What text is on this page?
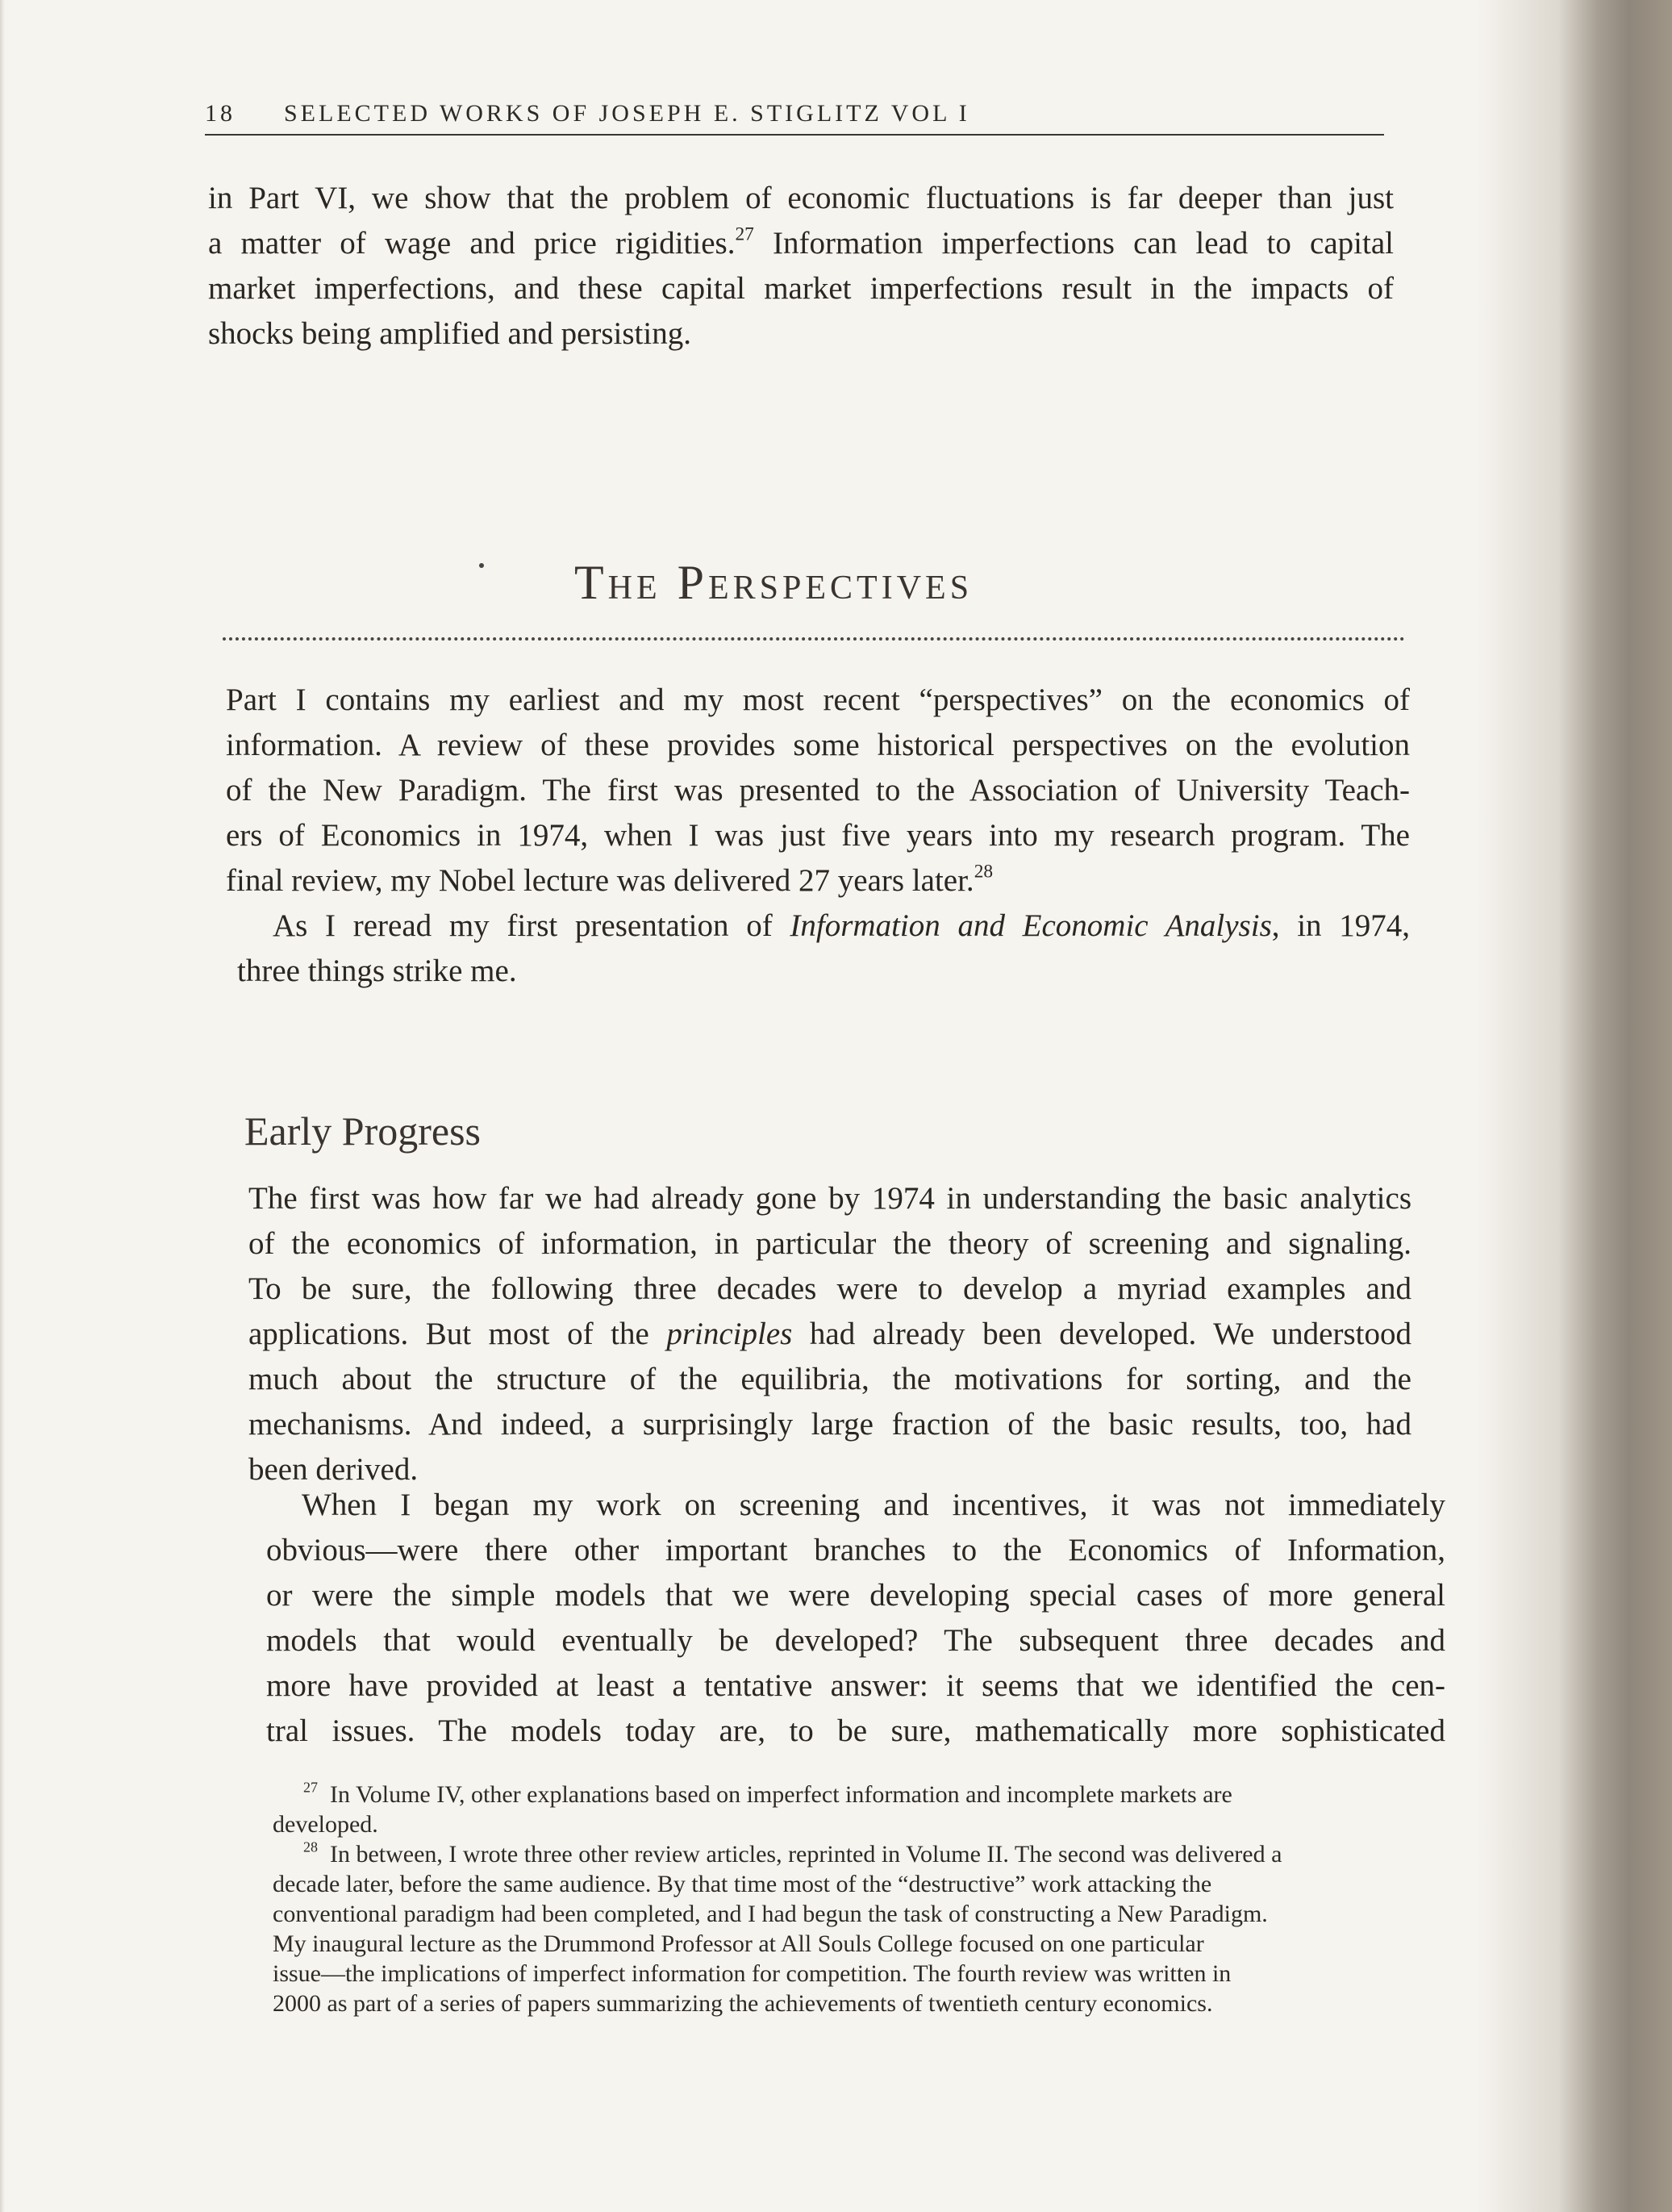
18 SELECTED WORKS OF JOSEPH E. STIGLITZ VOL I
in Part VI, we show that the problem of economic fluctuations is far deeper than just
a matter of wage and price rigidities.$^{27}$ Information imperfections can lead to capital
market imperfections, and these capital market imperfections result in the impacts of
shocks being amplified and persisting.
The Perspectives
Part I contains my earliest and my most recent “perspectives” on the economics of
information. A review of these provides some historical perspectives on the evolution
of the New Paradigm. The first was presented to the Association of University Teach-
ers of Economics in 1974, when I was just five years into my research program. The
final review, my Nobel lecture was delivered 27 years later.$^{28}$
As I reread my first presentation of Information and Economic Analysis, in 1974,
three things strike me.
Early Progress
The first was how far we had already gone by 1974 in understanding the basic analytics
of the economics of information, in particular the theory of screening and signaling.
To be sure, the following three decades were to develop a myriad examples and
applications. But most of the principles had already been developed. We understood
much about the structure of the equilibria, the motivations for sorting, and the
mechanisms. And indeed, a surprisingly large fraction of the basic results, too, had
been derived.
When I began my work on screening and incentives, it was not immediately
obvious—were there other important branches to the Economics of Information,
or were the simple models that we were developing special cases of more general
models that would eventually be developed? The subsequent three decades and
more have provided at least a tentative answer: it seems that we identified the cen-
tral issues. The models today are, to be sure, mathematically more sophisticated
$^{27}$ In Volume IV, other explanations based on imperfect information and incomplete markets are
developed.
$^{28}$ In between, I wrote three other review articles, reprinted in Volume II. The second was delivered a
decade later, before the same audience. By that time most of the “destructive” work attacking the
conventional paradigm had been completed, and I had begun the task of constructing a New Paradigm.
My inaugural lecture as the Drummond Professor at All Souls College focused on one particular
issue—the implications of imperfect information for competition. The fourth review was written in
2000 as part of a series of papers summarizing the achievements of twentieth century economics.
